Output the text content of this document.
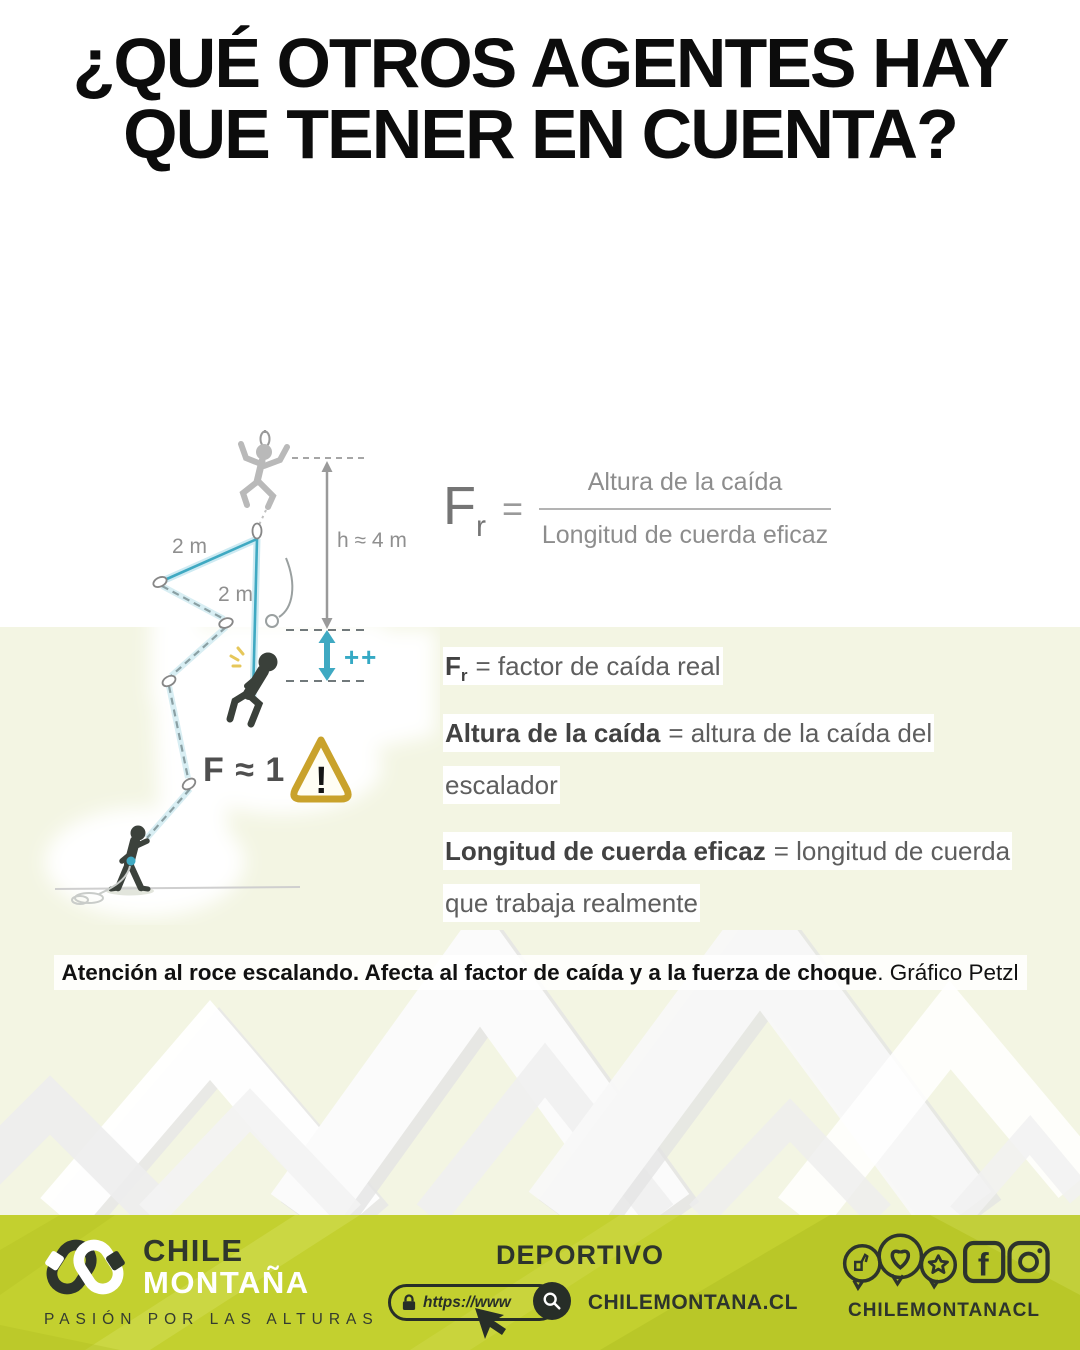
¿QUÉ OTROS AGENTES HAY
QUE TENER EN CUENTA?
h ≈ 4 m
2 m
2 m
++
F ≈ 1 !
$F_r = \frac{\text{Altura de la caída}}{\text{Longitud de cuerda eficaz}}$

$F_r$ = factor de caída real

Altura de la caída = altura de la caída del escalador

Longitud de cuerda eficaz = longitud de cuerda que trabaja realmente

Atención al roce escalando. Afecta al factor de caída y a la fuerza de choque. Gráfico Petzl
CHILE
MONTAÑA
PASIÓN POR LAS ALTURAS
DEPORTIVO
https://www	CHILEMONTANA.CL
f
CHILEMONTANACL
